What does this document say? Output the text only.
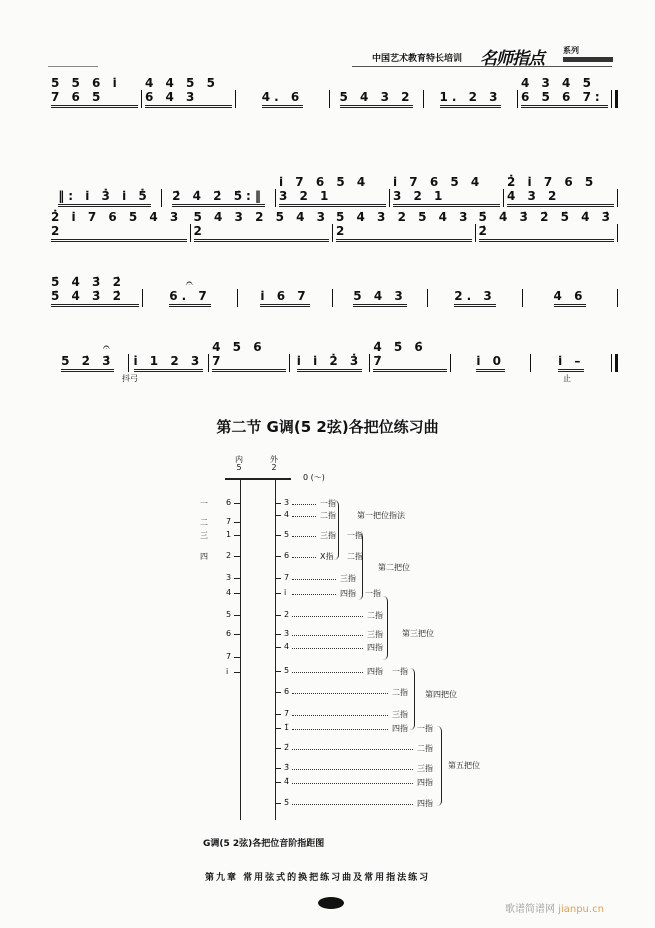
中国艺术教育特长培训 名师指点 系列
5 5 6 i̇ 7 6 5
4 4 5 5 6 4 3	4. 6	5 4 3 2 1. 2 3
4 3 4 5 6 5 6 7:
‖: i̇ 3̇ i̇ 5̇ 2̇ 4̇ 2̇ 5̇:‖
i̇ 7 6 5 4 3 2 1
i̇ 7 6 5 4 3 2 1
2̇ i̇ 7 6 5 4 3 2
2̇ i̇ 7 6 5 4 3 2
5 4 3 2 5 4 3 2
5 4 3 2 5 4 3 2
5̇ 4̇ 3̇ 2̇ 5̇ 4̇ 3̇ 2̇
5̇ 4̇ 3̇ 2̇ 5̇ 4̇ 3̇ 2̇	6. 7	i̇ 6 7	5 4 3	2. 3	4 6
5 2̇ 3̇ i 1 2 3
4 5 6 7	i̇ i̇ 2̇ 3̇
4̇ 5̇ 6̇ 7̇	i̇ 0	i̇ –
抖弓	止
𝄐
𝄐
第二节 G调(5 2弦)各把位练习曲
内
5
外
2
0 (〜)
6
7
1
2
3
4
5
6
7
i̇
一
二
三
四
3	一指
4	二指
5	三指 一指
6	X指 二指
7	三指
i̇	四指 一指
2̇	二指
3̇	三指
4̇	四指
5̇	四指 一指
6̇	二指
7̇	三指
1̈	四指 一指
2̈	二指
3̈	三指
4̈	四指
5̈	四指
第一把位指法
第二把位
第三把位
第四把位
第五把位
G调(5 2弦)各把位音阶指距图
第九章 常用弦式的换把练习曲及常用指法练习
歌谱简谱网 jianpu.cn
